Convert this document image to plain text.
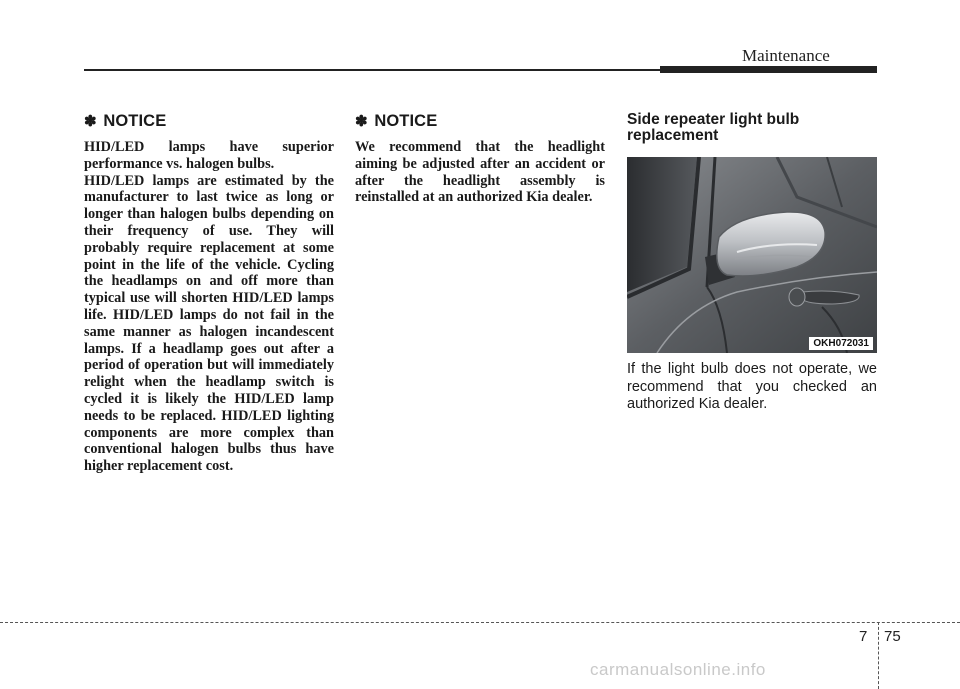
Maintenance
✽ NOTICE

HID/LED lamps have superior performance vs. halogen bulbs.

HID/LED lamps are estimated by the manufacturer to last twice as long or longer than halogen bulbs depending on their frequency of use. They will probably require replacement at some point in the life of the vehicle. Cycling the headlamps on and off more than typical use will shorten HID/LED lamps life. HID/LED lamps do not fail in the same manner as halogen incandescent lamps. If a headlamp goes out after a period of operation but will immediately relight when the headlamp switch is cycled it is likely the HID/LED lamp needs to be replaced. HID/LED lighting components are more complex than conventional halogen bulbs thus have higher replacement cost.

✽ NOTICE

We recommend that the headlight aiming be adjusted after an accident or after the headlight assembly is reinstalled at an authorized Kia dealer.

Side repeater light bulb replacement
OKH072031

If the light bulb does not operate, we recommend that you checked an authorized Kia dealer.

7 75
carmanualsonline.info
